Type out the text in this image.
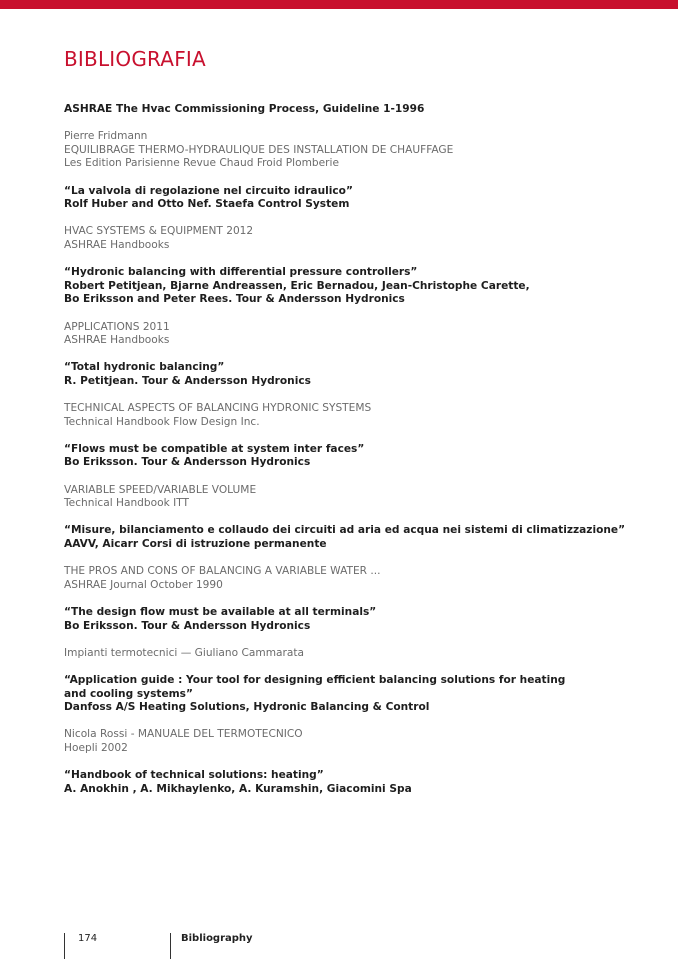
BIBLIOGRAFIA
ASHRAE The Hvac Commissioning Process, Guideline 1-1996
Pierre Fridmann
EQUILIBRAGE THERMO-HYDRAULIQUE DES INSTALLATION DE CHAUFFAGE
Les Edition Parisienne Revue Chaud Froid Plomberie
“La valvola di regolazione nel circuito idraulico”
Rolf Huber and Otto Nef. Staefa Control System
HVAC SYSTEMS & EQUIPMENT 2012
ASHRAE Handbooks
“Hydronic balancing with differential pressure controllers”
Robert Petitjean, Bjarne Andreassen, Eric Bernadou, Jean-Christophe Carette,
Bo Eriksson and Peter Rees. Tour & Andersson Hydronics
APPLICATIONS 2011
ASHRAE Handbooks
“Total hydronic balancing”
R. Petitjean. Tour & Andersson Hydronics
TECHNICAL ASPECTS OF BALANCING HYDRONIC SYSTEMS
Technical Handbook Flow Design Inc.
“Flows must be compatible at system inter faces”
Bo Eriksson. Tour & Andersson Hydronics
VARIABLE SPEED/VARIABLE VOLUME
Technical Handbook ITT
“Misure, bilanciamento e collaudo dei circuiti ad aria ed acqua nei sistemi di climatizzazione”
AAVV, Aicarr Corsi di istruzione permanente
THE PROS AND CONS OF BALANCING A VARIABLE WATER ...
ASHRAE Journal October 1990
“The design flow must be available at all terminals”
Bo Eriksson. Tour & Andersson Hydronics
Impianti termotecnici — Giuliano Cammarata
“Application guide : Your tool for designing efficient balancing solutions for heating
and cooling systems”
Danfoss A/S Heating Solutions, Hydronic Balancing & Control
Nicola Rossi - MANUALE DEL TERMOTECNICO
Hoepli 2002
“Handbook of technical solutions: heating”
A. Anokhin , A. Mikhaylenko, A. Kuramshin, Giacomini Spa
174	Bibliography
